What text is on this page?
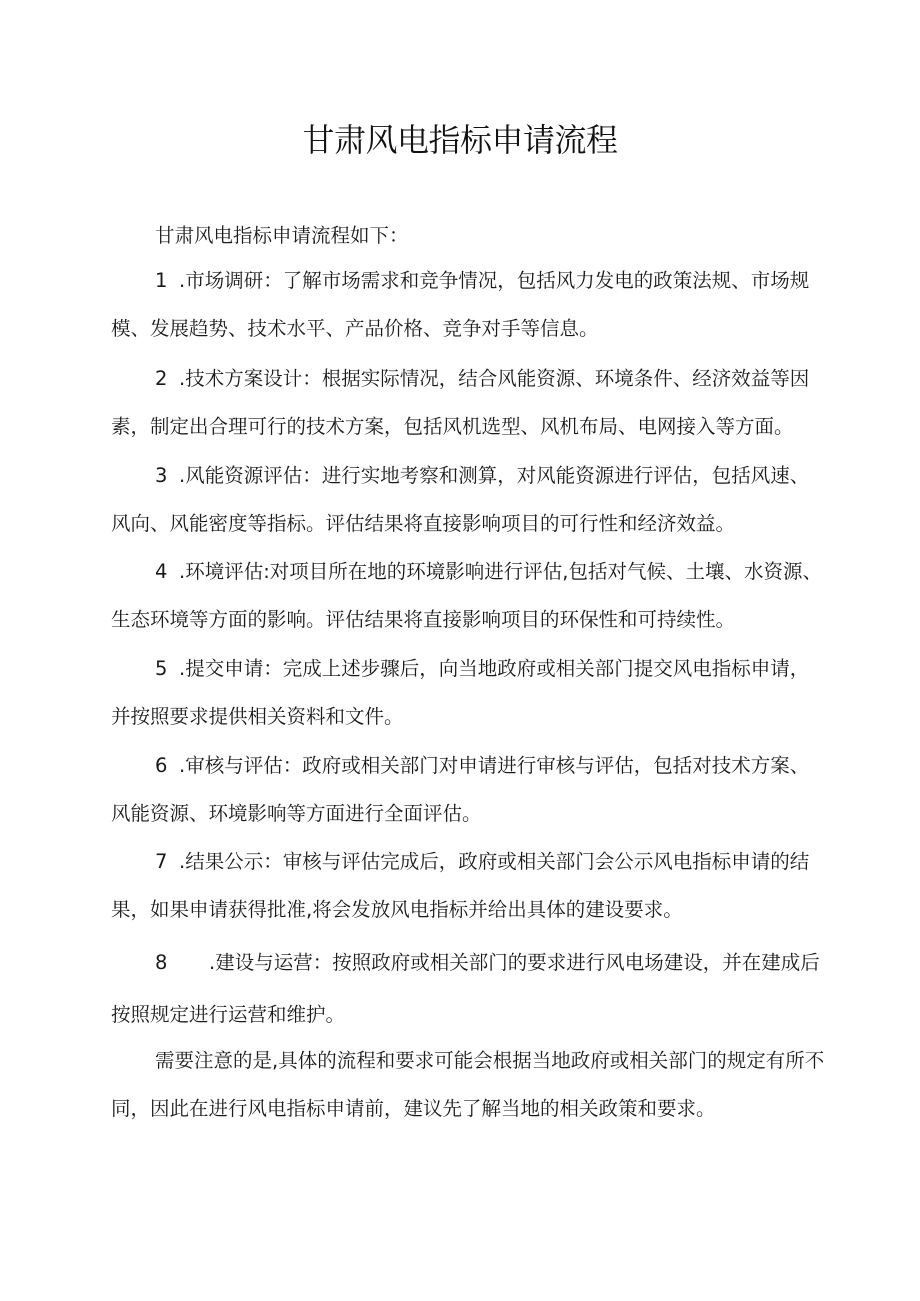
甘肃风电指标申请流程

甘肃风电指标申请流程如下：

1 .市场调研：了解市场需求和竞争情况，包括风力发电的政策法规、市场规模、发展趋势、技术水平、产品价格、竞争对手等信息。

2 .技术方案设计：根据实际情况，结合风能资源、环境条件、经济效益等因素，制定出合理可行的技术方案，包括风机选型、风机布局、电网接入等方面。

3 .风能资源评估：进行实地考察和测算，对风能资源进行评估，包括风速、风向、风能密度等指标。评估结果将直接影响项目的可行性和经济效益。

4 .环境评估:对项目所在地的环境影响进行评估,包括对气候、土壤、水资源、生态环境等方面的影响。评估结果将直接影响项目的环保性和可持续性。

5 .提交申请：完成上述步骤后，向当地政府或相关部门提交风电指标申请，并按照要求提供相关资料和文件。

6 .审核与评估：政府或相关部门对申请进行审核与评估，包括对技术方案、风能资源、环境影响等方面进行全面评估。

7 .结果公示：审核与评估完成后，政府或相关部门会公示风电指标申请的结果，如果申请获得批准,将会发放风电指标并给出具体的建设要求。

8 .建设与运营：按照政府或相关部门的要求进行风电场建设，并在建成后按照规定进行运营和维护。

需要注意的是,具体的流程和要求可能会根据当地政府或相关部门的规定有所不同，因此在进行风电指标申请前，建议先了解当地的相关政策和要求。
